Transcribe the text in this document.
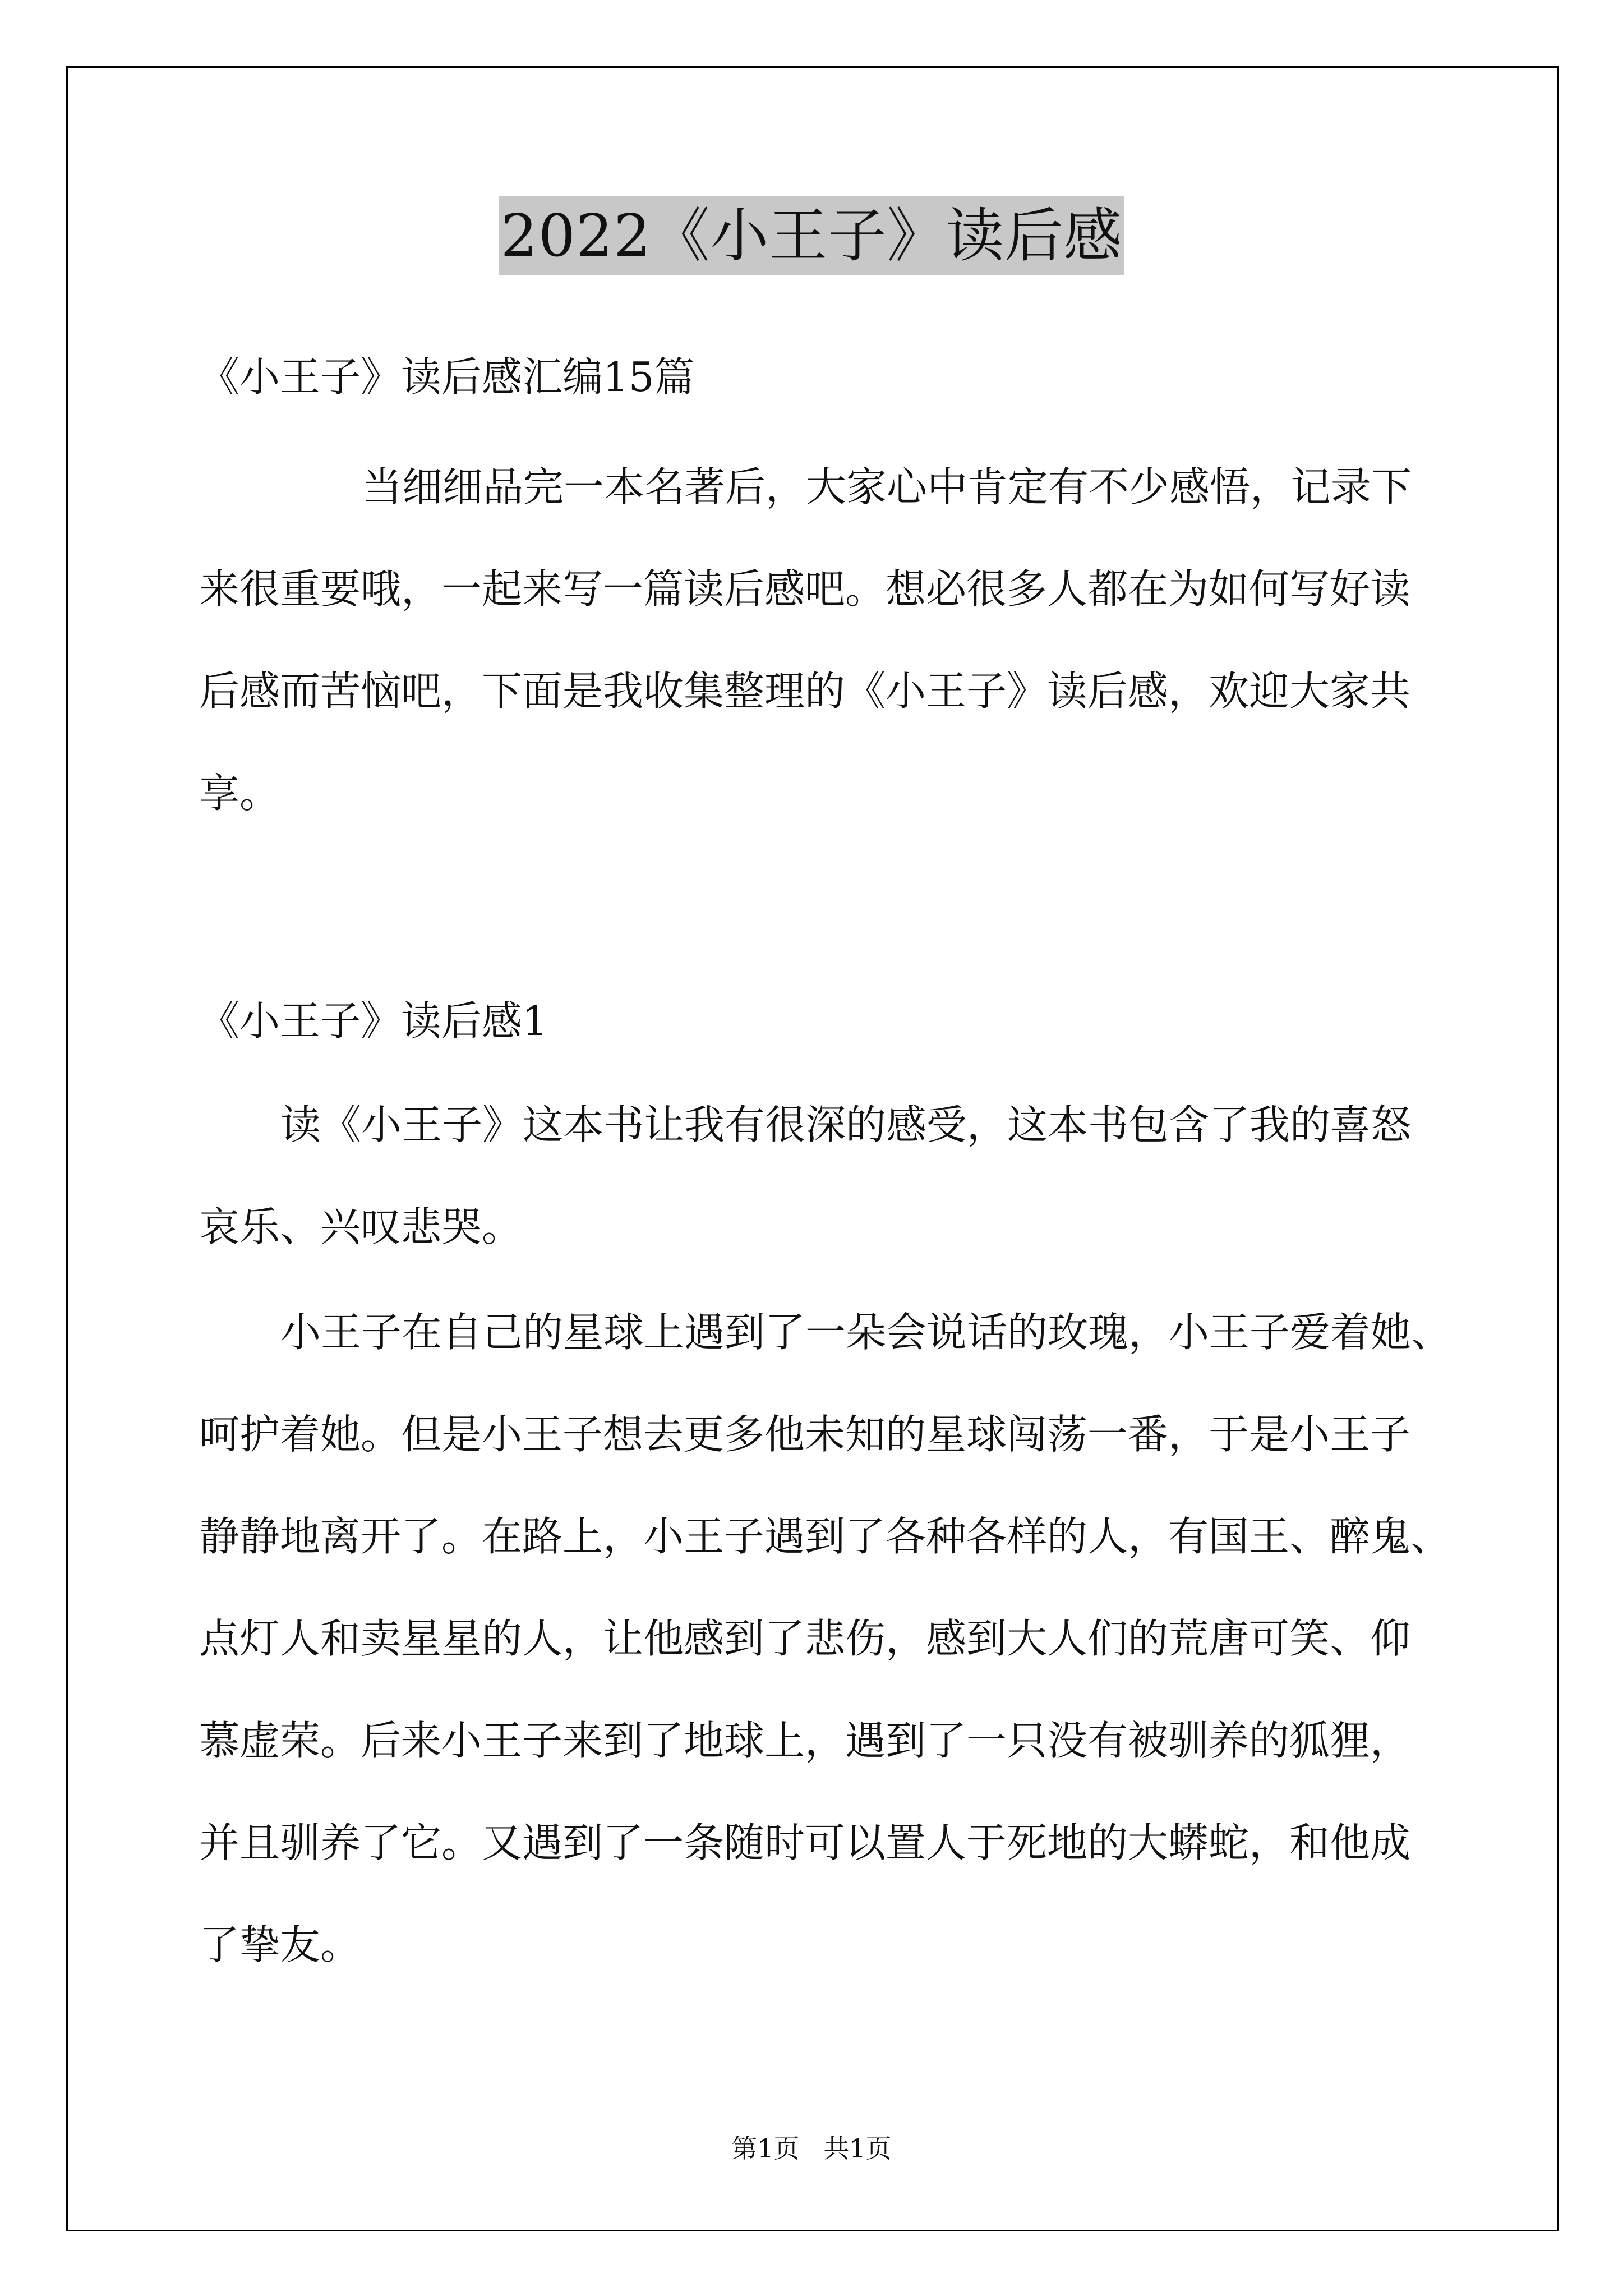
2022《小王子》读后感
《小王子》读后感汇编15篇
当细细品完一本名著后，大家心中肯定有不少感悟，记录下
来很重要哦，一起来写一篇读后感吧。想必很多人都在为如何写好读
后感而苦恼吧，下面是我收集整理的《小王子》读后感，欢迎大家共
享。
《小王子》读后感1
读《小王子》这本书让我有很深的感受，这本书包含了我的喜怒
哀乐、兴叹悲哭。
小王子在自己的星球上遇到了一朵会说话的玫瑰，小王子爱着她、
呵护着她。但是小王子想去更多他未知的星球闯荡一番，于是小王子
静静地离开了。在路上，小王子遇到了各种各样的人，有国王、醉鬼、
点灯人和卖星星的人，让他感到了悲伤，感到大人们的荒唐可笑、仰
慕虚荣。后来小王子来到了地球上，遇到了一只没有被驯养的狐狸，
并且驯养了它。又遇到了一条随时可以置人于死地的大蟒蛇，和他成
了挚友。
第1页 共1页
